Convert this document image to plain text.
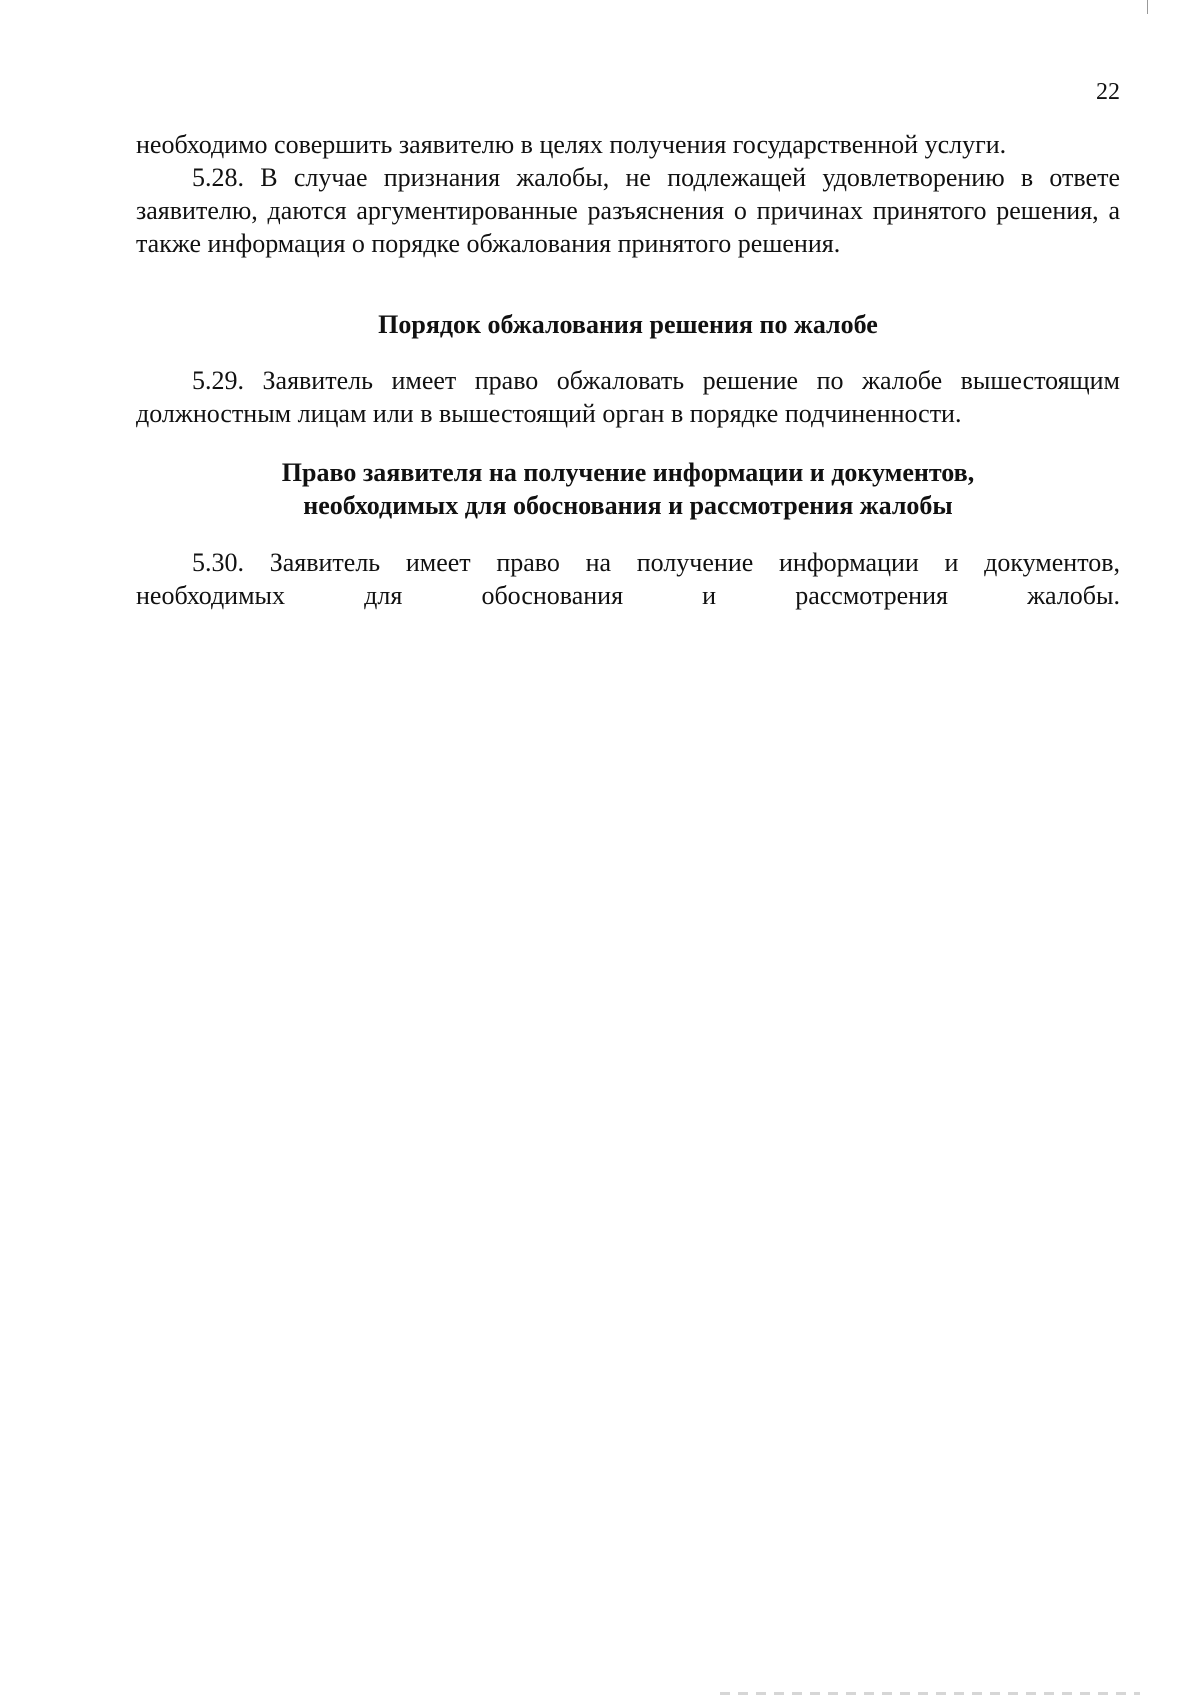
22

необходимо совершить заявителю в целях получения государственной услуги.

5.28. В случае признания жалобы, не подлежащей удовлетворению в ответе заявителю, даются аргументированные разъяснения о причинах принятого решения, а также информация о порядке обжалования принятого решения.

Порядок обжалования решения по жалобе

5.29. Заявитель имеет право обжаловать решение по жалобе вышестоящим должностным лицам или в вышестоящий орган в порядке подчиненности.

Право заявителя на получение информации и документов,
необходимых для обоснования и рассмотрения жалобы

5.30. Заявитель имеет право на получение информации и документов, необходимых для обоснования и рассмотрения жалобы.
